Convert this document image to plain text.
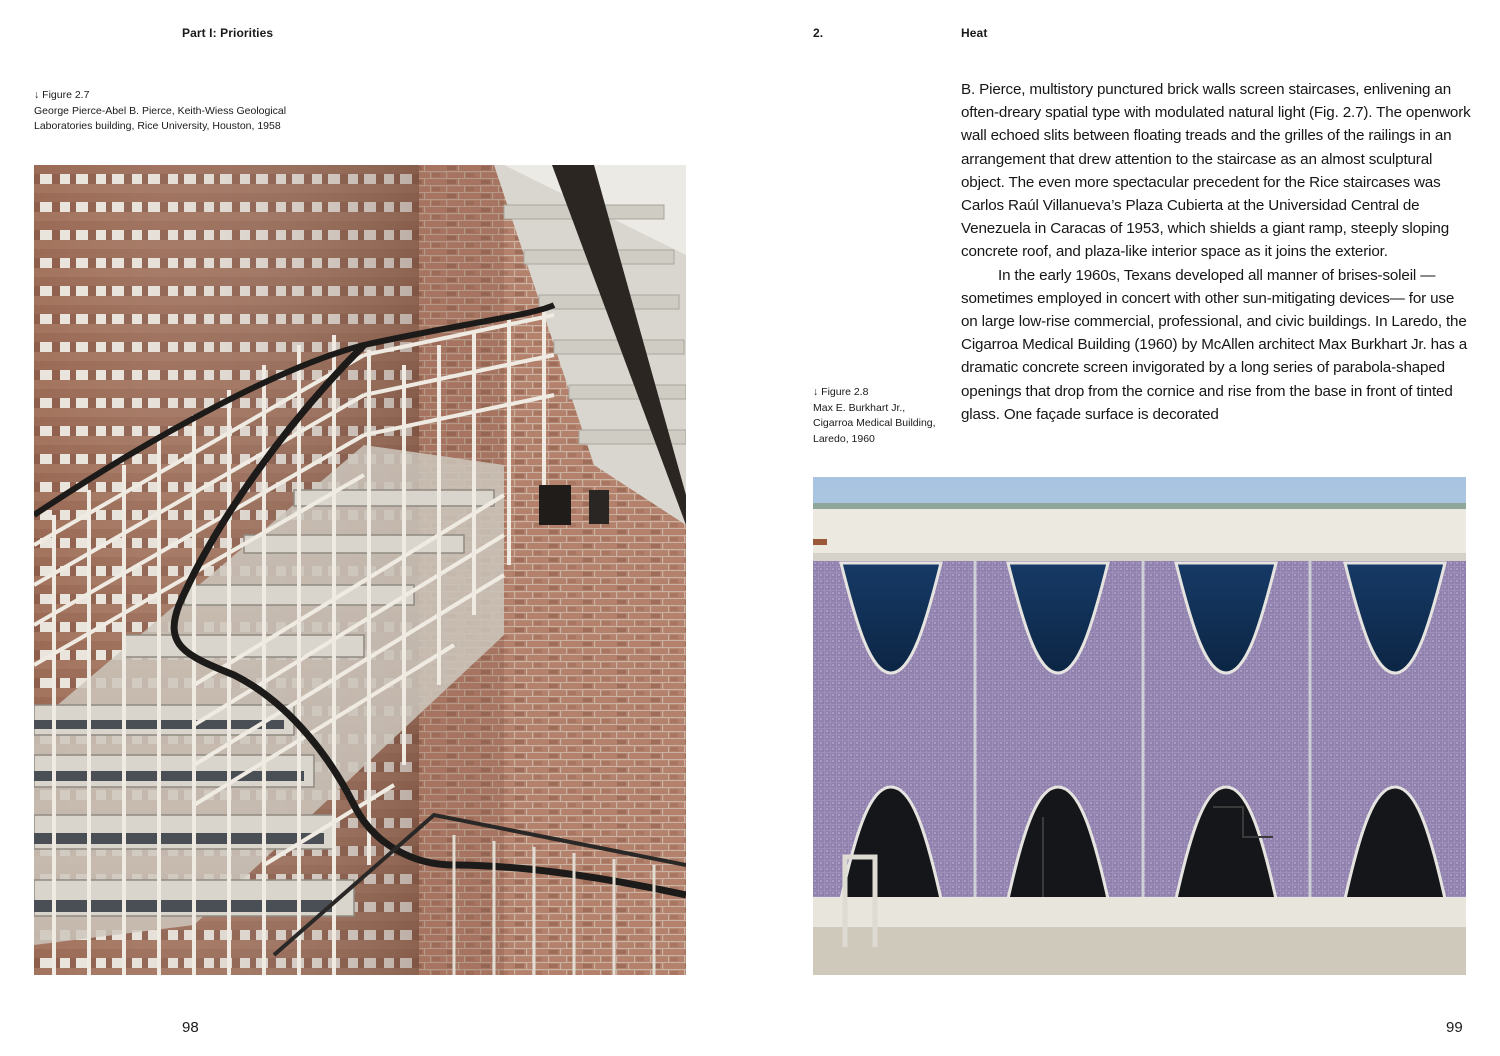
Part I: Priorities
↓ Figure 2.7
George Pierce-Abel B. Pierce, Keith-Wiess Geological
Laboratories building, Rice University, Houston, 1958
98
2.	Heat

B. Pierce, multistory punctured brick walls screen staircases, enlivening an often-dreary spatial type with modulated natural light (Fig. 2.7). The openwork wall echoed slits between floating treads and the grilles of the railings in an arrangement that drew attention to the staircase as an almost sculptural object. The even more spectacular precedent for the Rice staircases was Carlos Raúl Villanueva’s Plaza Cubierta at the Universidad Central de Venezuela in Caracas of 1953, which shields a giant ramp, steeply sloping concrete roof, and plaza-like interior space as it joins the exterior.

In the early 1960s, Texans developed all manner of brises-soleil —sometimes employed in concert with other sun-mitigating devices— for use on large low-rise commercial, professional, and civic buildings. In Laredo, the Cigarroa Medical Building (1960) by McAllen architect Max Burkhart Jr. has a dramatic concrete screen invigorated by a long series of parabola-shaped openings that drop from the cornice and rise from the base in front of tinted glass. One façade surface is decorated

↓ Figure 2.8
Max E. Burkhart Jr.,
Cigarroa Medical Building,
Laredo, 1960
99
